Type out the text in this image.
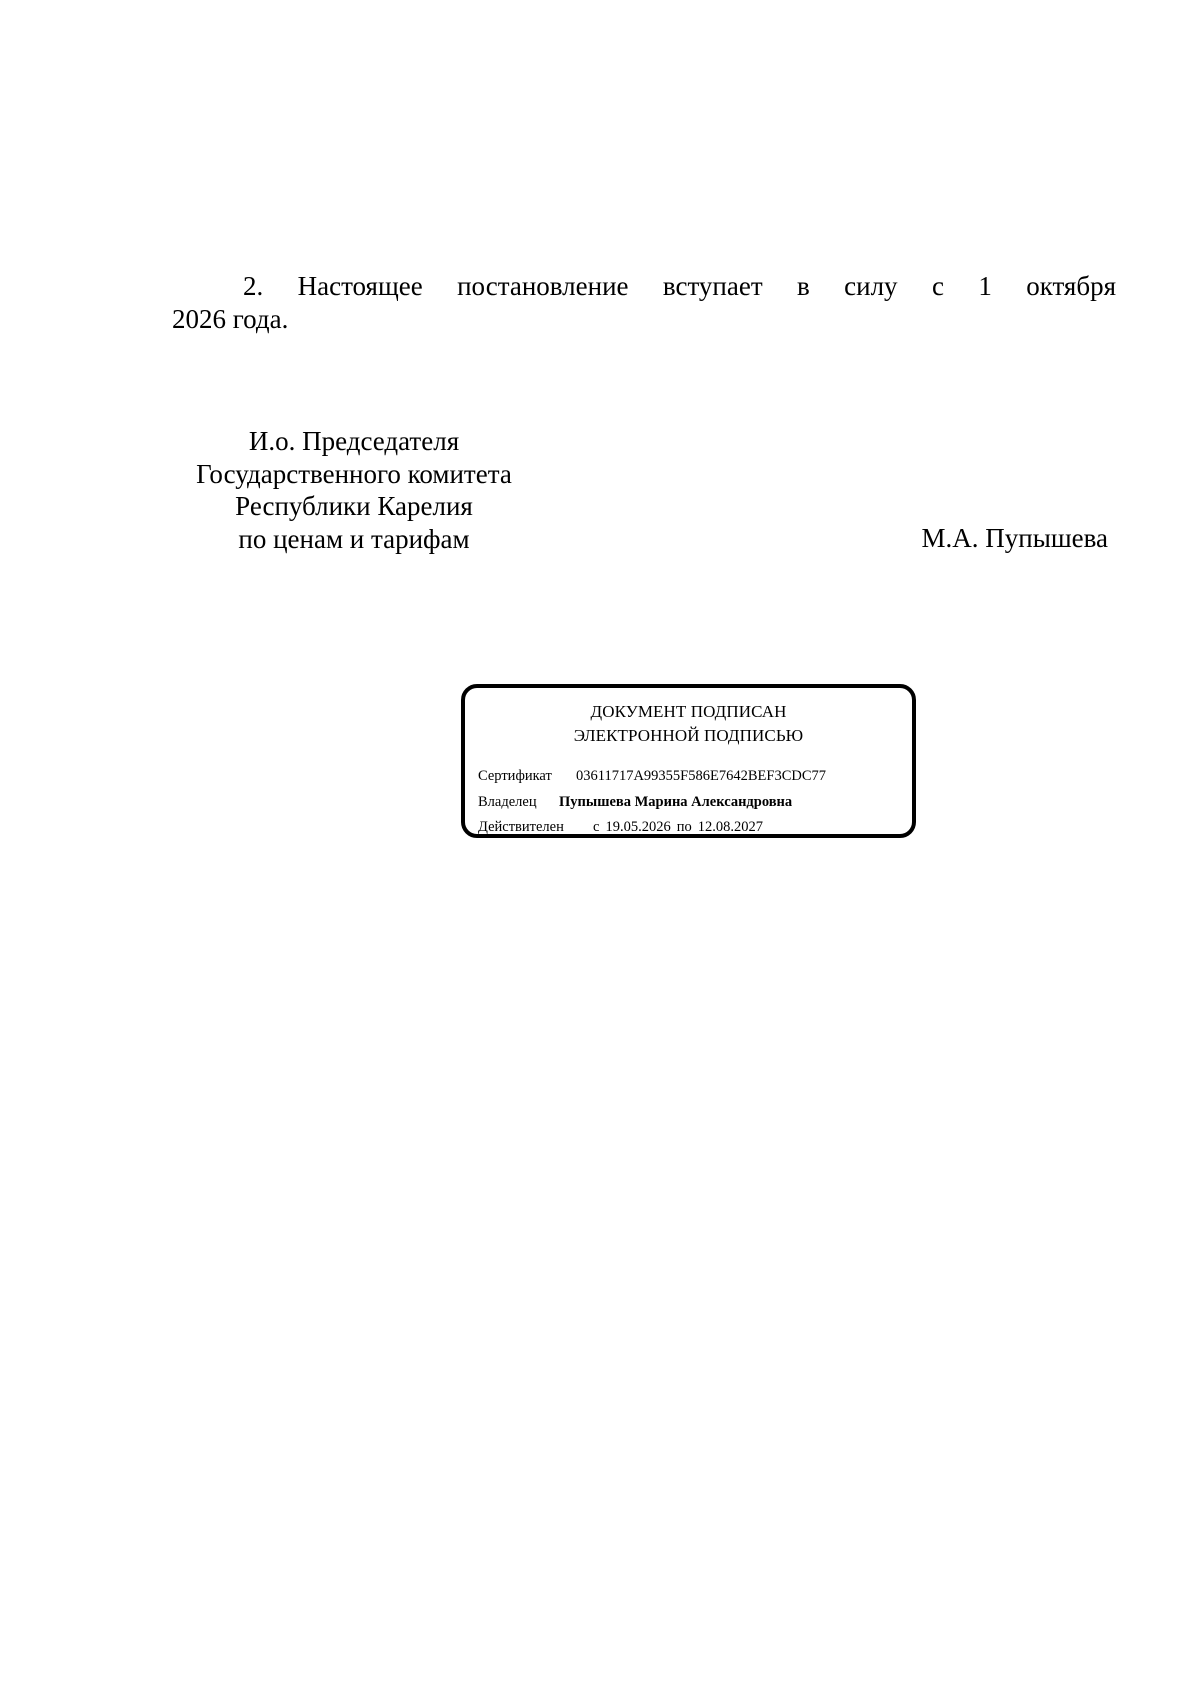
2. Настоящее постановление вступает в силу с 1 октября
2026 года.
И.о. Председателя
Государственного комитета
Республики Карелия
по ценам и тарифам	М.А. Пупышева
ДОКУМЕНТ ПОДПИСАН
ЭЛЕКТРОННОЙ ПОДПИСЬЮ
Сертификат 03611717A99355F586E7642BEF3CDC77
Владелец Пупышева Марина Александровна
Действителен с 19.05.2026 по 12.08.2027
